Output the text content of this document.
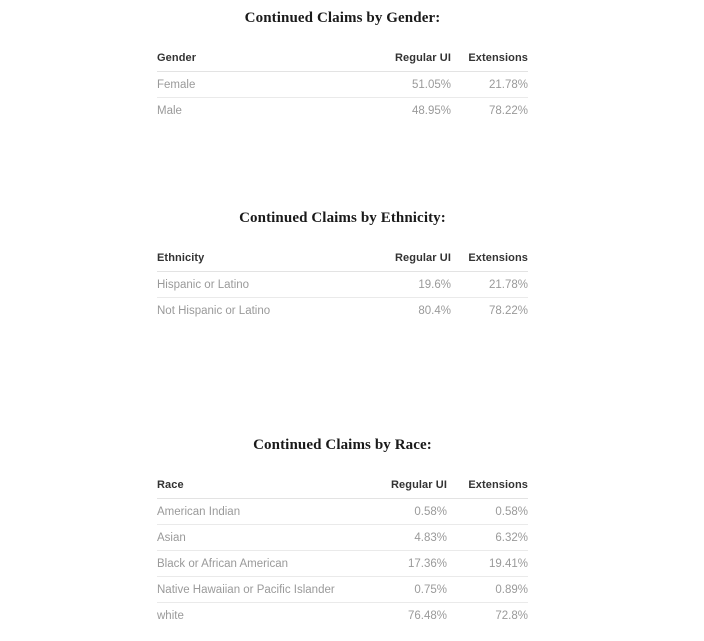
Continued Claims by Gender:
Gender	Regular UI	Extensions
Female	51.05%	21.78%
Male	48.95%	78.22%
Continued Claims by Ethnicity:
Ethnicity	Regular UI	Extensions
Hispanic or Latino	19.6%	21.78%
Not Hispanic or Latino	80.4%	78.22%
Continued Claims by Race:
Race	Regular UI	Extensions
American Indian	0.58%	0.58%
Asian	4.83%	6.32%
Black or African American	17.36%	19.41%
Native Hawaiian or Pacific Islander	0.75%	0.89%
white	76.48%	72.8%
